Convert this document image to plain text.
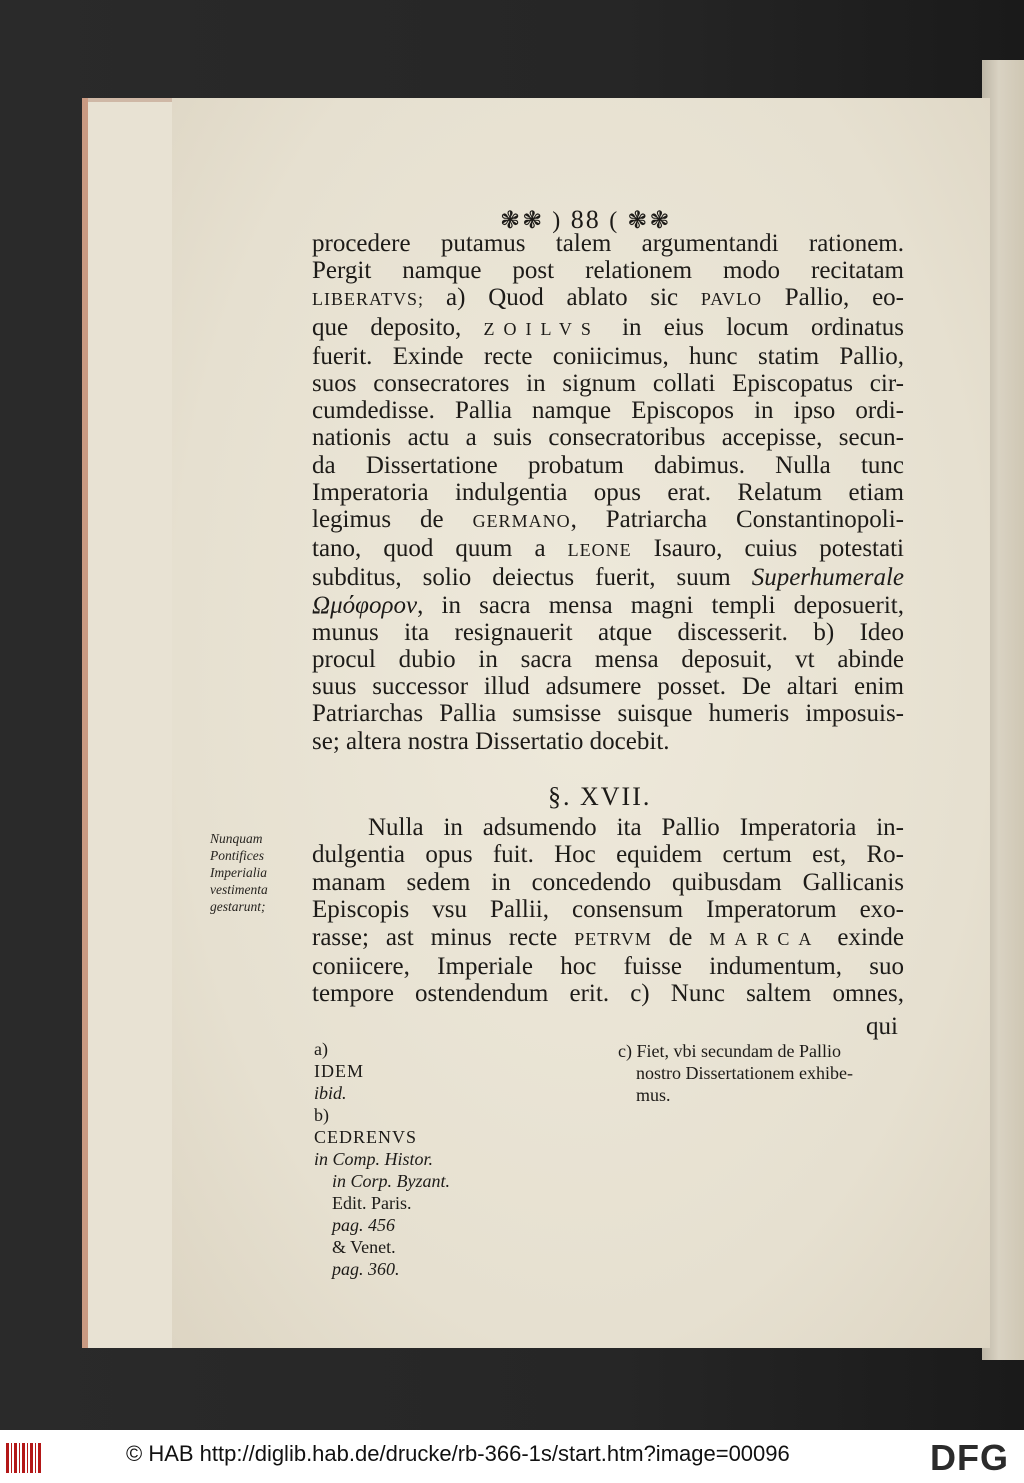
❃❃ ) 88 ( ❃❃
procedere putamus talem argumentandi rationem.
Pergit namque post relationem modo recitatam
LIBERATVS; a) Quod ablato sic PAVLO Pallio, eo-
que deposito, ZOILVS in eius locum ordinatus
fuerit. Exinde recte coniicimus, hunc statim Pallio,
suos consecratores in signum collati Episcopatus cir-
cumdedisse. Pallia namque Episcopos in ipso ordi-
nationis actu a suis consecratoribus accepisse, secun-
da Dissertatione probatum dabimus. Nulla tunc
Imperatoria indulgentia opus erat. Relatum etiam
legimus de GERMANO, Patriarcha Constantinopoli-
tano, quod quum a LEONE Isauro, cuius potestati
subditus, solio deiectus fuerit, suum Superhumerale
Ωμόφορον, in sacra mensa magni templi deposuerit,
munus ita resignauerit atque discesserit. b) Ideo
procul dubio in sacra mensa deposuit, vt abinde
suus successor illud adsumere posset. De altari enim
Patriarchas Pallia sumsisse suisque humeris imposuis-
se; altera nostra Dissertatio docebit.
§. XVII.
Nunquam
Pontifices
Imperialia
vestimenta
gestarunt;
Nulla in adsumendo ita Pallio Imperatoria in-
dulgentia opus fuit. Hoc equidem certum est, Ro-
manam sedem in concedendo quibusdam Gallicanis
Episcopis vsu Pallii, consensum Imperatorum exo-
rasse; ast minus recte PETRVM de MARCA exinde
coniicere, Imperiale hoc fuisse indumentum, suo
tempore ostendendum erit. c) Nunc saltem omnes,
qui
a)
IDEM
ibid.
b)
CEDRENVS
in Comp. Histor.
in Corp. Byzant.
Edit. Paris.
pag. 456
& Venet.
pag. 360.
c) Fiet, vbi secundam de Pallio
nostro Dissertationem exhibe-
mus.
© HAB http://diglib.hab.de/drucke/rb-366-1s/start.htm?image=00096	DFG
